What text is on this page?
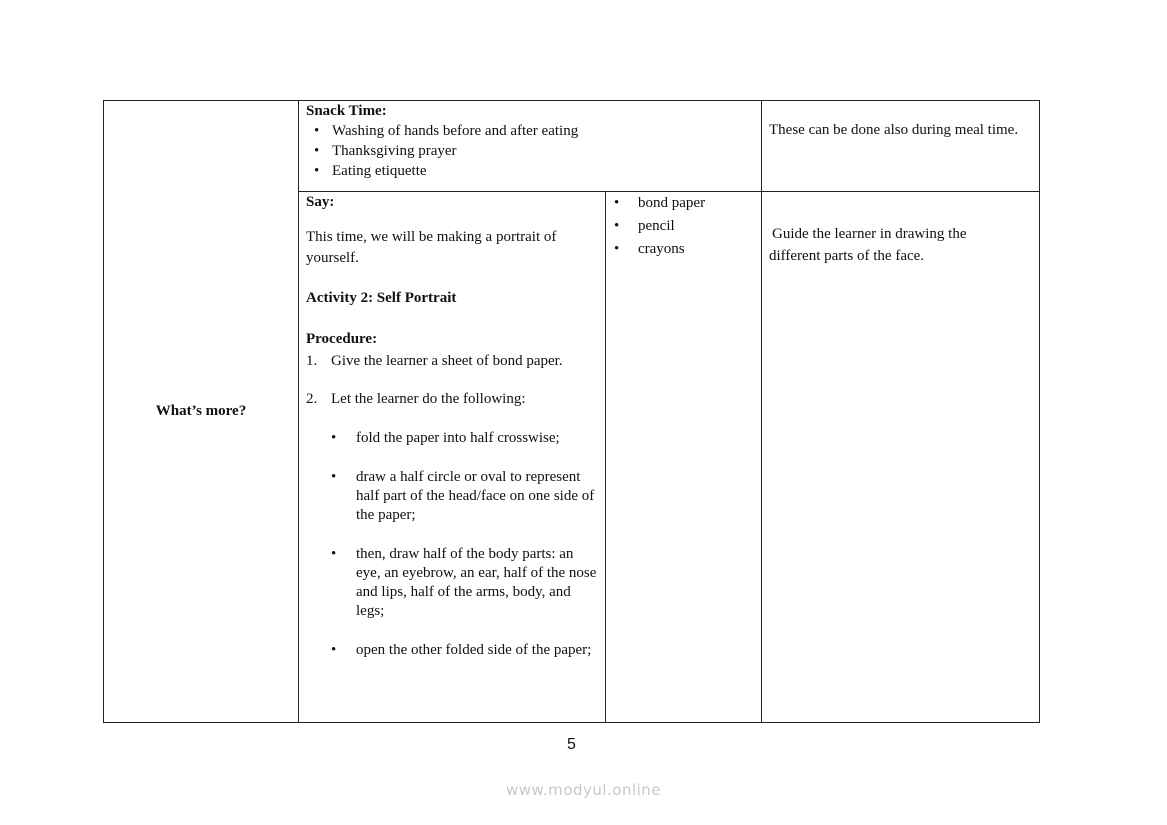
What’s more?
Snack Time:
• Washing of hands before and after eating
• Thanksgiving prayer
• Eating etiquette
These can be done also during meal time.
Say:
This time, we will be making a portrait of yourself.
Activity 2: Self Portrait
Procedure:
1. Give the learner a sheet of bond paper.
2. Let the learner do the following:
• fold the paper into half crosswise;
• draw a half circle or oval to represent half part of the head/face on one side of the paper;
• then, draw half of the body parts: an eye, an eyebrow, an ear, half of the nose and lips, half of the arms, body, and legs;
• open the other folded side of the paper;
• bond paper
• pencil
• crayons
Guide the learner in drawing the different parts of the face.
5
www.modyul.online
